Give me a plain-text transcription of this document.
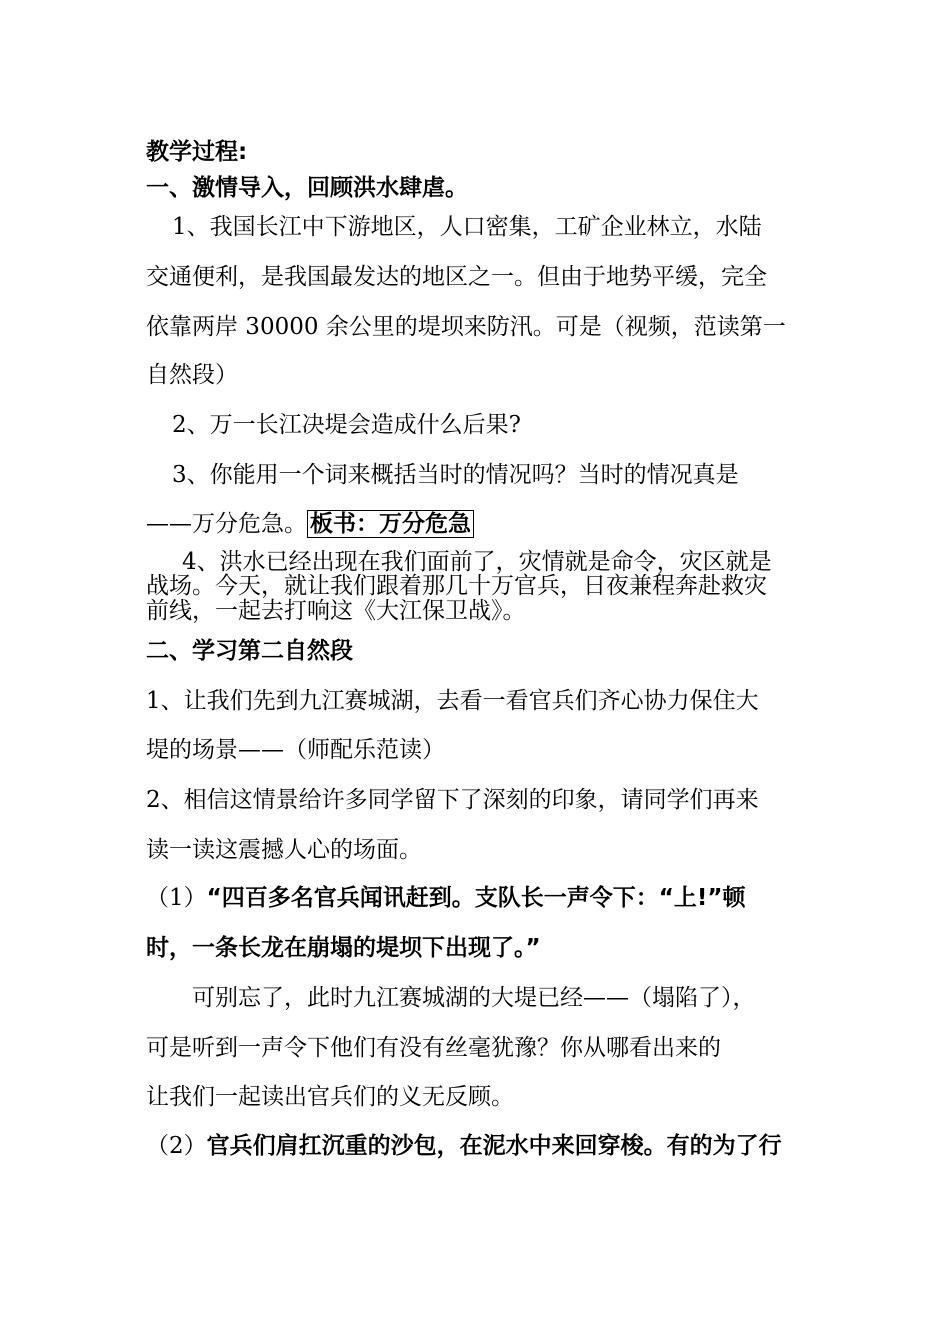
教学过程:
一、激情导入，回顾洪水肆虐。
1、我国长江中下游地区，人口密集，工矿企业林立，水陆
交通便利，是我国最发达的地区之一。但由于地势平缓，完全
依靠两岸 30000 余公里的堤坝来防汛。可是（视频，范读第一
自然段）
2、万一长江决堤会造成什么后果?
3、你能用一个词来概括当时的情况吗？当时的情况真是
——万分危急。 板书：万分危急
4、洪水已经出现在我们面前了，灾情就是命令，灾区就是
战场。今天，就让我们跟着那几十万官兵，日夜兼程奔赴救灾
前线，一起去打响这《大江保卫战》。
二、学习第二自然段
1、让我们先到九江赛城湖，去看一看官兵们齐心协力保住大
堤的场景——（师配乐范读）
2、相信这情景给许多同学留下了深刻的印象，请同学们再来
读一读这震撼人心的场面。
（1）“四百多名官兵闻讯赶到。支队长一声令下：“上!”顿
时，一条长龙在崩塌的堤坝下出现了。”
可别忘了，此时九江赛城湖的大堤已经——（塌陷了），
可是听到一声令下他们有没有丝毫犹豫？你从哪看出来的
让我们一起读出官兵们的义无反顾。
（2）官兵们肩扛沉重的沙包，在泥水中来回穿梭。有的为了行
